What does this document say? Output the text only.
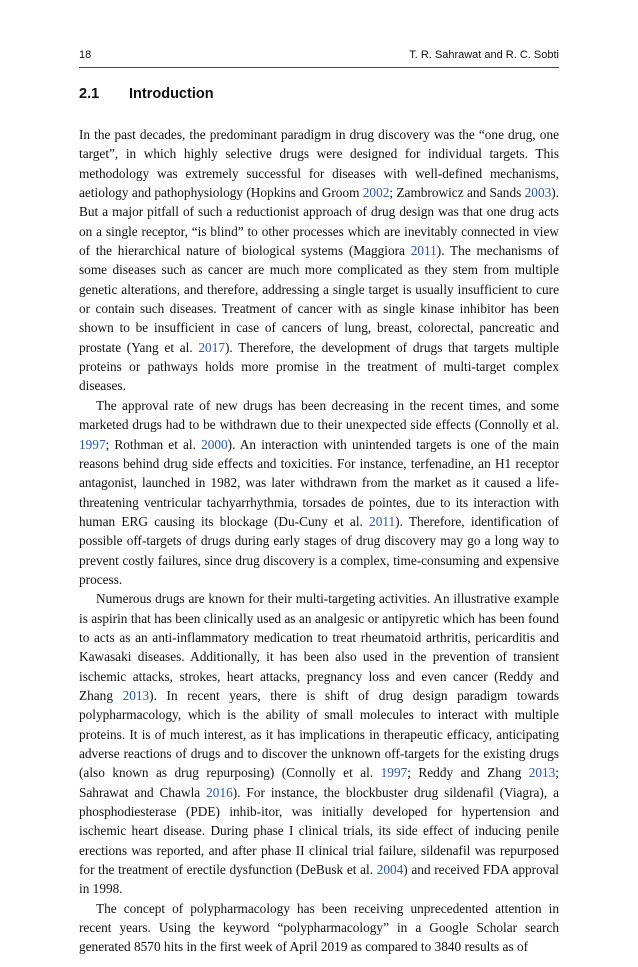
18	T. R. Sahrawat and R. C. Sobti
2.1	Introduction

In the past decades, the predominant paradigm in drug discovery was the “one drug, one target”, in which highly selective drugs were designed for individual targets. This methodology was extremely successful for diseases with well-defined mechanisms, aetiology and pathophysiology (Hopkins and Groom 2002; Zambrowicz and Sands 2003). But a major pitfall of such a reductionist approach of drug design was that one drug acts on a single receptor, “is blind” to other processes which are inevitably connected in view of the hierarchical nature of biological systems (Maggiora 2011). The mechanisms of some diseases such as cancer are much more complicated as they stem from multiple genetic alterations, and therefore, addressing a single target is usually insufficient to cure or contain such diseases. Treatment of cancer with as single kinase inhibitor has been shown to be insufficient in case of cancers of lung, breast, colorectal, pancreatic and prostate (Yang et al. 2017). Therefore, the development of drugs that targets multiple proteins or pathways holds more promise in the treatment of multi-target complex diseases.

The approval rate of new drugs has been decreasing in the recent times, and some marketed drugs had to be withdrawn due to their unexpected side effects (Connolly et al. 1997; Rothman et al. 2000). An interaction with unintended targets is one of the main reasons behind drug side effects and toxicities. For instance, terfenadine, an H1 receptor antagonist, launched in 1982, was later withdrawn from the market as it caused a life-threatening ventricular tachyarrhythmia, torsades de pointes, due to its interaction with human ERG causing its blockage (Du-Cuny et al. 2011). Therefore, identification of possible off-targets of drugs during early stages of drug discovery may go a long way to prevent costly failures, since drug discovery is a complex, time-consuming and expensive process.

Numerous drugs are known for their multi-targeting activities. An illustrative example is aspirin that has been clinically used as an analgesic or antipyretic which has been found to acts as an anti-inflammatory medication to treat rheumatoid arthritis, pericarditis and Kawasaki diseases. Additionally, it has been also used in the prevention of transient ischemic attacks, strokes, heart attacks, pregnancy loss and even cancer (Reddy and Zhang 2013). In recent years, there is shift of drug design paradigm towards polypharmacology, which is the ability of small molecules to interact with multiple proteins. It is of much interest, as it has implications in therapeutic efficacy, anticipating adverse reactions of drugs and to discover the unknown off-targets for the existing drugs (also known as drug repurposing) (Connolly et al. 1997; Reddy and Zhang 2013; Sahrawat and Chawla 2016). For instance, the blockbuster drug sildenafil (Viagra), a phosphodiesterase (PDE) inhib-itor, was initially developed for hypertension and ischemic heart disease. During phase I clinical trials, its side effect of inducing penile erections was reported, and after phase II clinical trial failure, sildenafil was repurposed for the treatment of erectile dysfunction (DeBusk et al. 2004) and received FDA approval in 1998.

The concept of polypharmacology has been receiving unprecedented attention in recent years. Using the keyword “polypharmacology” in a Google Scholar search generated 8570 hits in the first week of April 2019 as compared to 3840 results as of
